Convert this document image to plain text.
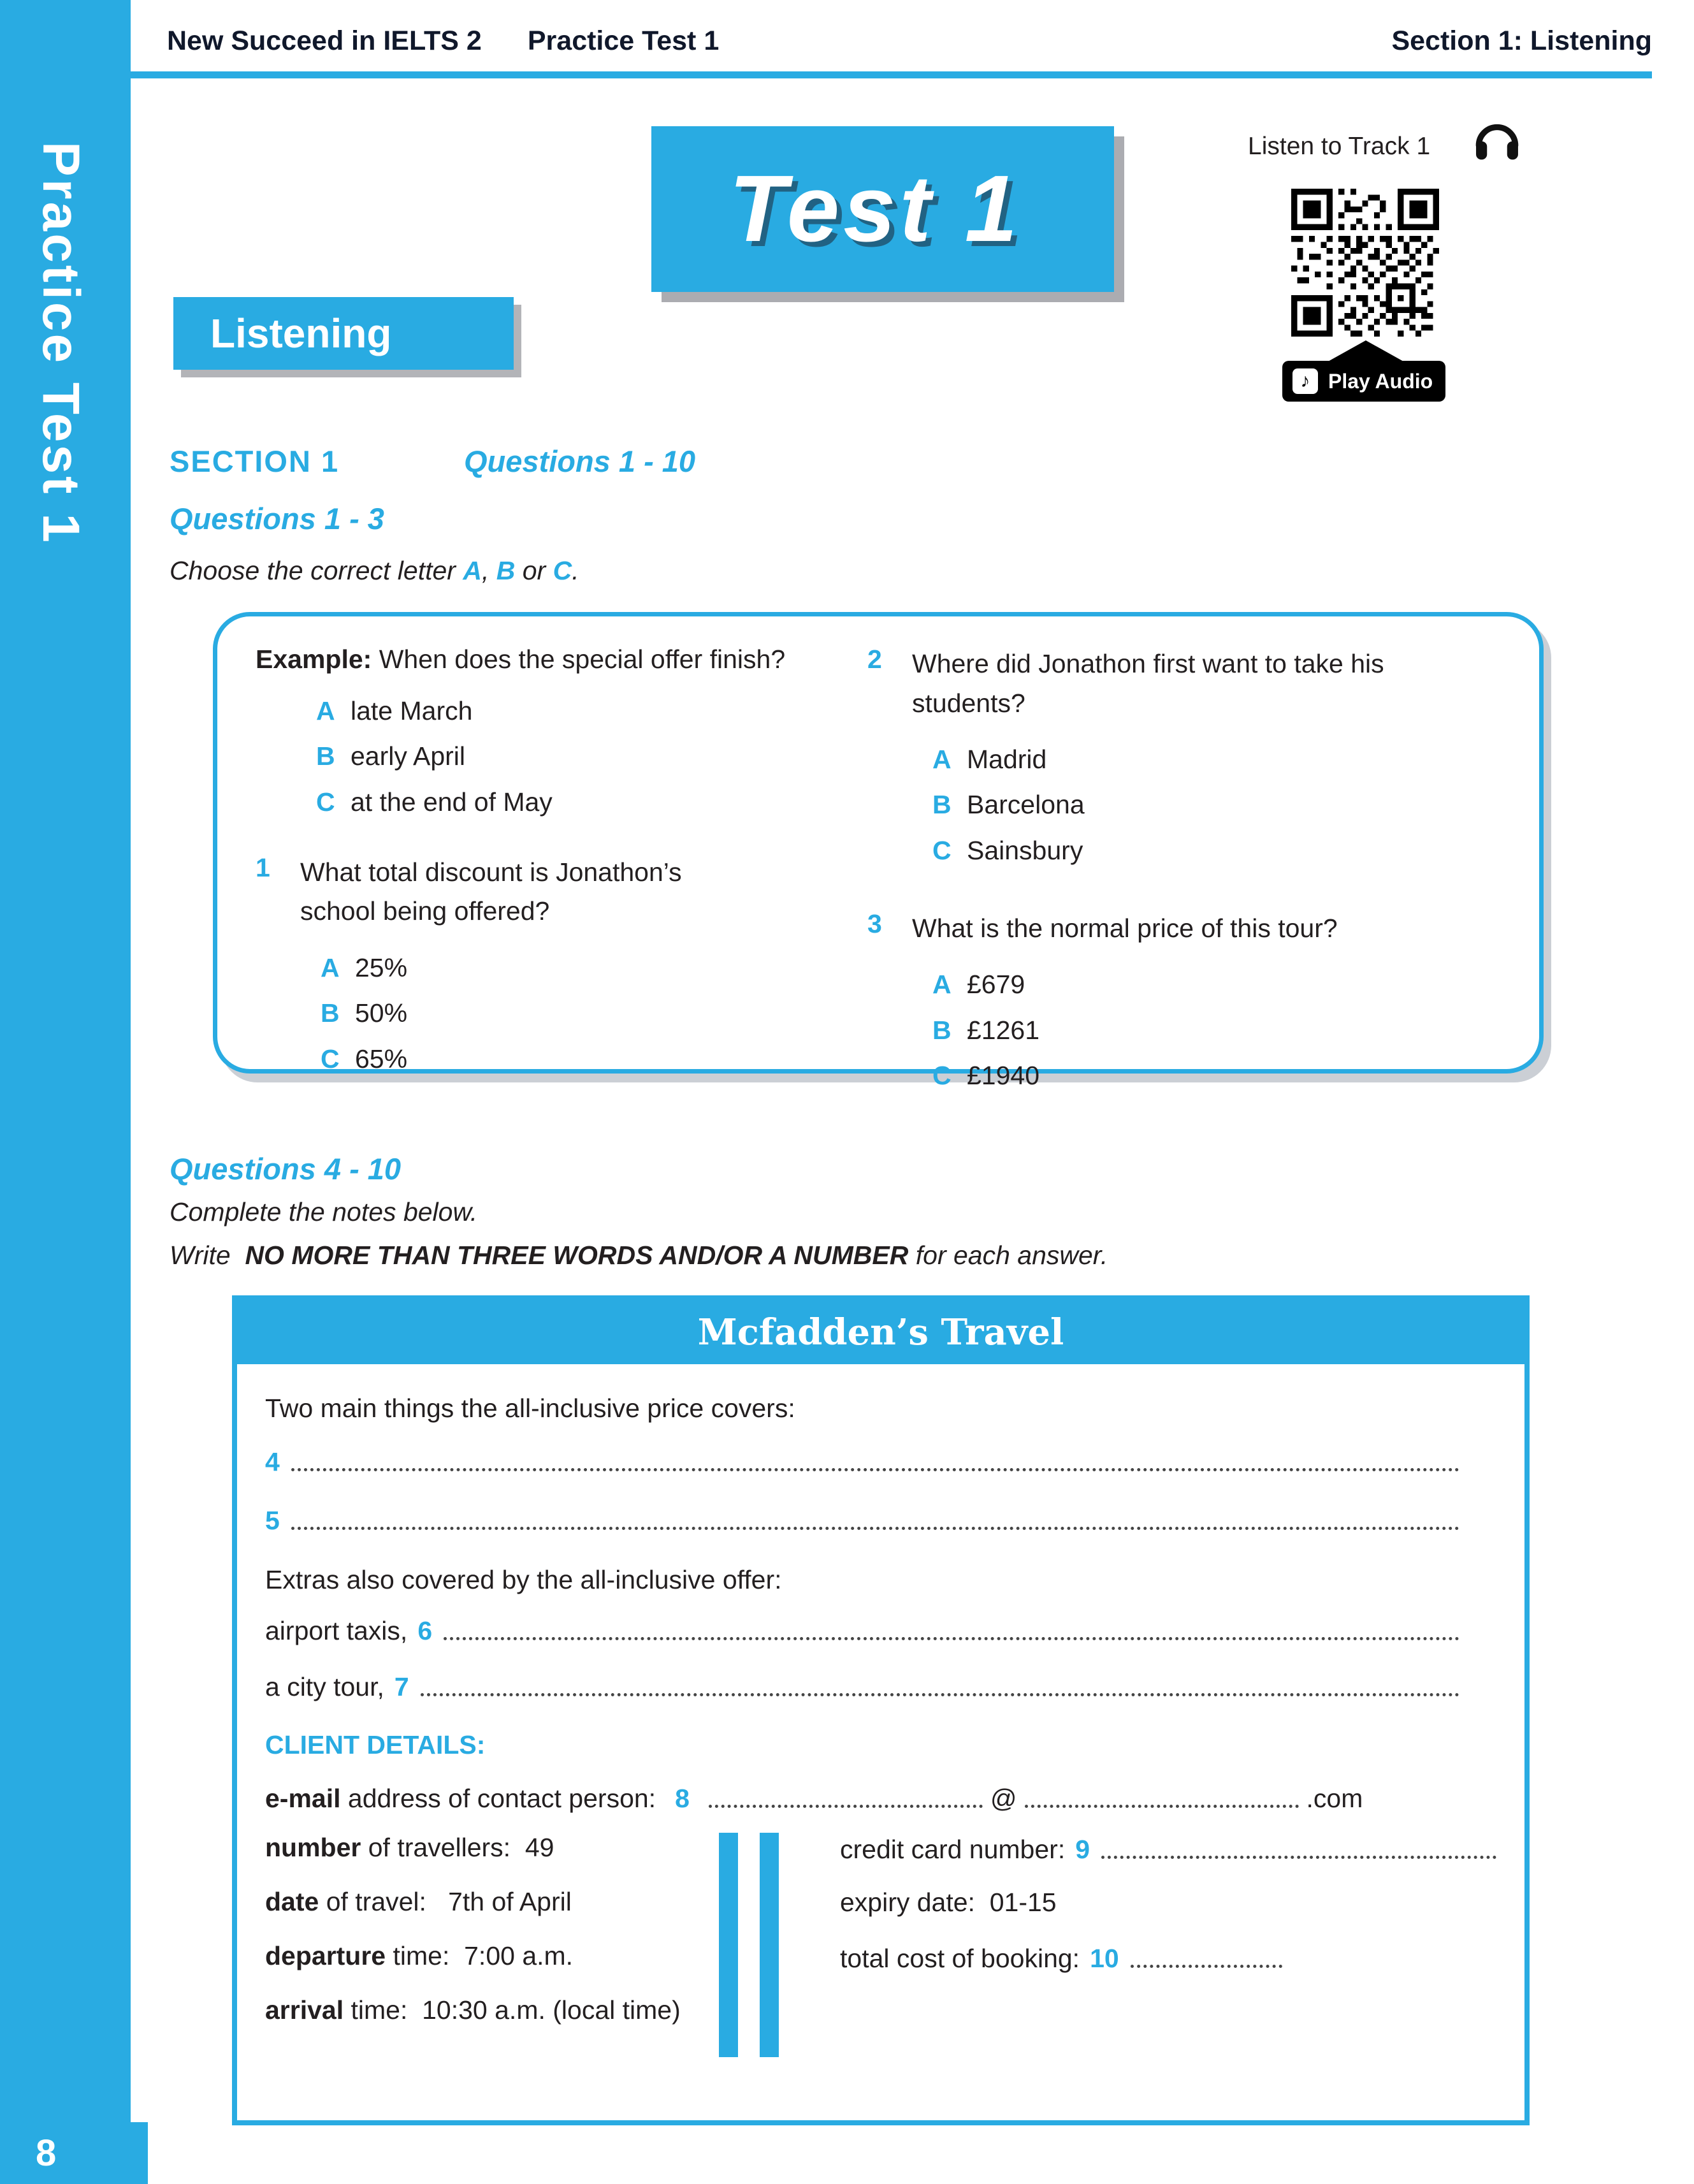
Practice Test 1
8
New Succeed in IELTS 2 Practice Test 1	Section 1: Listening
Test 1
Listen to Track 1
♪ Play Audio
Listening
SECTION 1	Questions 1 - 10
Questions 1 - 3

Choose the correct letter A, B or C.

Example: When does the special offer finish?
A late March
B early April
C at the end of May
1	What total discount is Jonathon’s school being offered?
A 25%
B 50%
C 65%
2	Where did Jonathon first want to take his students?
A Madrid
B Barcelona
C Sainsbury
3	What is the normal price of this tour?
A £679
B £1261
C £1940
Questions 4 - 10

Complete the notes below.

Write  NO MORE THAN THREE WORDS AND/OR A NUMBER for each answer.

Mcfadden’s Travel
Two main things the all-inclusive price covers:
4
5
Extras also covered by the all-inclusive offer:
airport taxis, 6
a city tour, 7
CLIENT DETAILS:
e-mail address of contact person: 8	@	.com
number of travellers:  49
date of travel:   7th of April
departure time:  7:00 a.m.
arrival time:  10:30 a.m. (local time)
credit card number: 9
expiry date:  01-15
total cost of booking: 10
